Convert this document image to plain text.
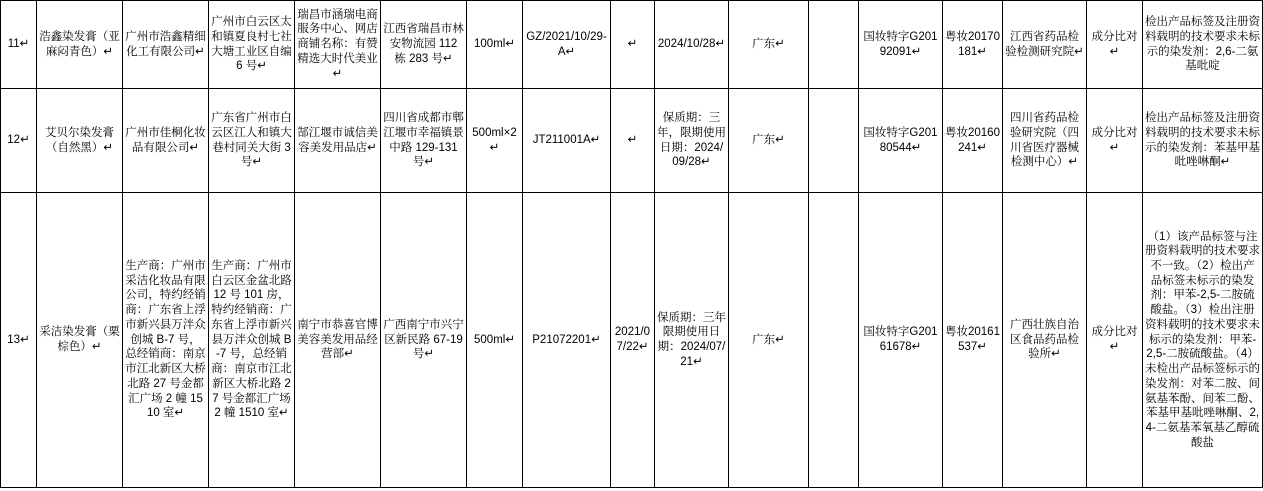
11↵	浩鑫染发膏（亚麻闷青色）↵	广州市浩鑫精细化工有限公司↵	广州市白云区太和镇夏良村七社大塘工业区自编 6 号↵	瑞昌市涵瑞电商服务中心、网店商铺名称：有赞精选大时代美业↵	江西省瑞昌市林安物流园 112 栋 283 号↵	100ml↵	GZ/2021/10/29-A↵	↵	2024/10/28↵	广东↵		国妆特字G20192091↵	粤妆20170181↵	江西省药品检验检测研究院↵	成分比对↵	检出产品标签及注册资料载明的技术要求未标示的染发剂：2,6-二氨基吡啶
12↵	艾贝尔染发膏（自然黑）↵	广州市佳桐化妆品有限公司↵	广东省广州市白云区江人和镇大巷村同关大街 3 号↵	郜江堰市诚信美容美发用品店↵	四川省成都市郫江堰市幸福镇景中路 129-131 号↵	500ml×2↵	JT211001A↵	↵	保质期：三年，限期使用日期：2024/09/28↵	广东↵		国妆特字G20180544↵	粤妆20160241↵	四川省药品检验研究院（四川省医疗器械检测中心）↵	成分比对↵	检出产品标签及注册资料载明的技术要求未标示的染发剂：苯基甲基吡唑啉酮↵
13↵	采洁染发膏（栗棕色）↵	生产商：广州市采洁化妆品有限公司，特约经销商：广东省上浮市新兴县万泮众创城 B-7 号，总经销商：南京市江北新区大桥北路 27 号金都汇广场 2 幢 1510 室↵	生产商：广州市白云区金盆北路 12 号 101 房，特约经销商：广东省上浮市新兴县万泮众创城 B-7 号，总经销商：南京市江北新区大桥北路 27 号金都汇广场 2 幢 1510 室↵	南宁市恭喜官博美容美发用品经营部↵	广西南宁市兴宁区新民路 67-19 号↵	500ml↵	P21072201↵	2021/07/22↵	保质期：三年限期使用日期：2024/07/21↵	广东↵		国妆特字G20161678↵	粤妆20161537↵	广西壮族自治区食品药品检验所↵	成分比对↵	（1）该产品标签与注册资料载明的技术要求不一致。（2）检出产品标签未标示的染发剂：甲苯-2,5-二胺硫酸盐。（3）检出注册资料载明的技术要求未标示的染发剂：甲苯-2,5-二胺硫酸盐。（4）未检出产品标签标示的染发剂：对苯二胺、间氨基苯酚、间苯二酚、苯基甲基吡唑啉酮、2,4-二氨基苯氧基乙醇硫酸盐
